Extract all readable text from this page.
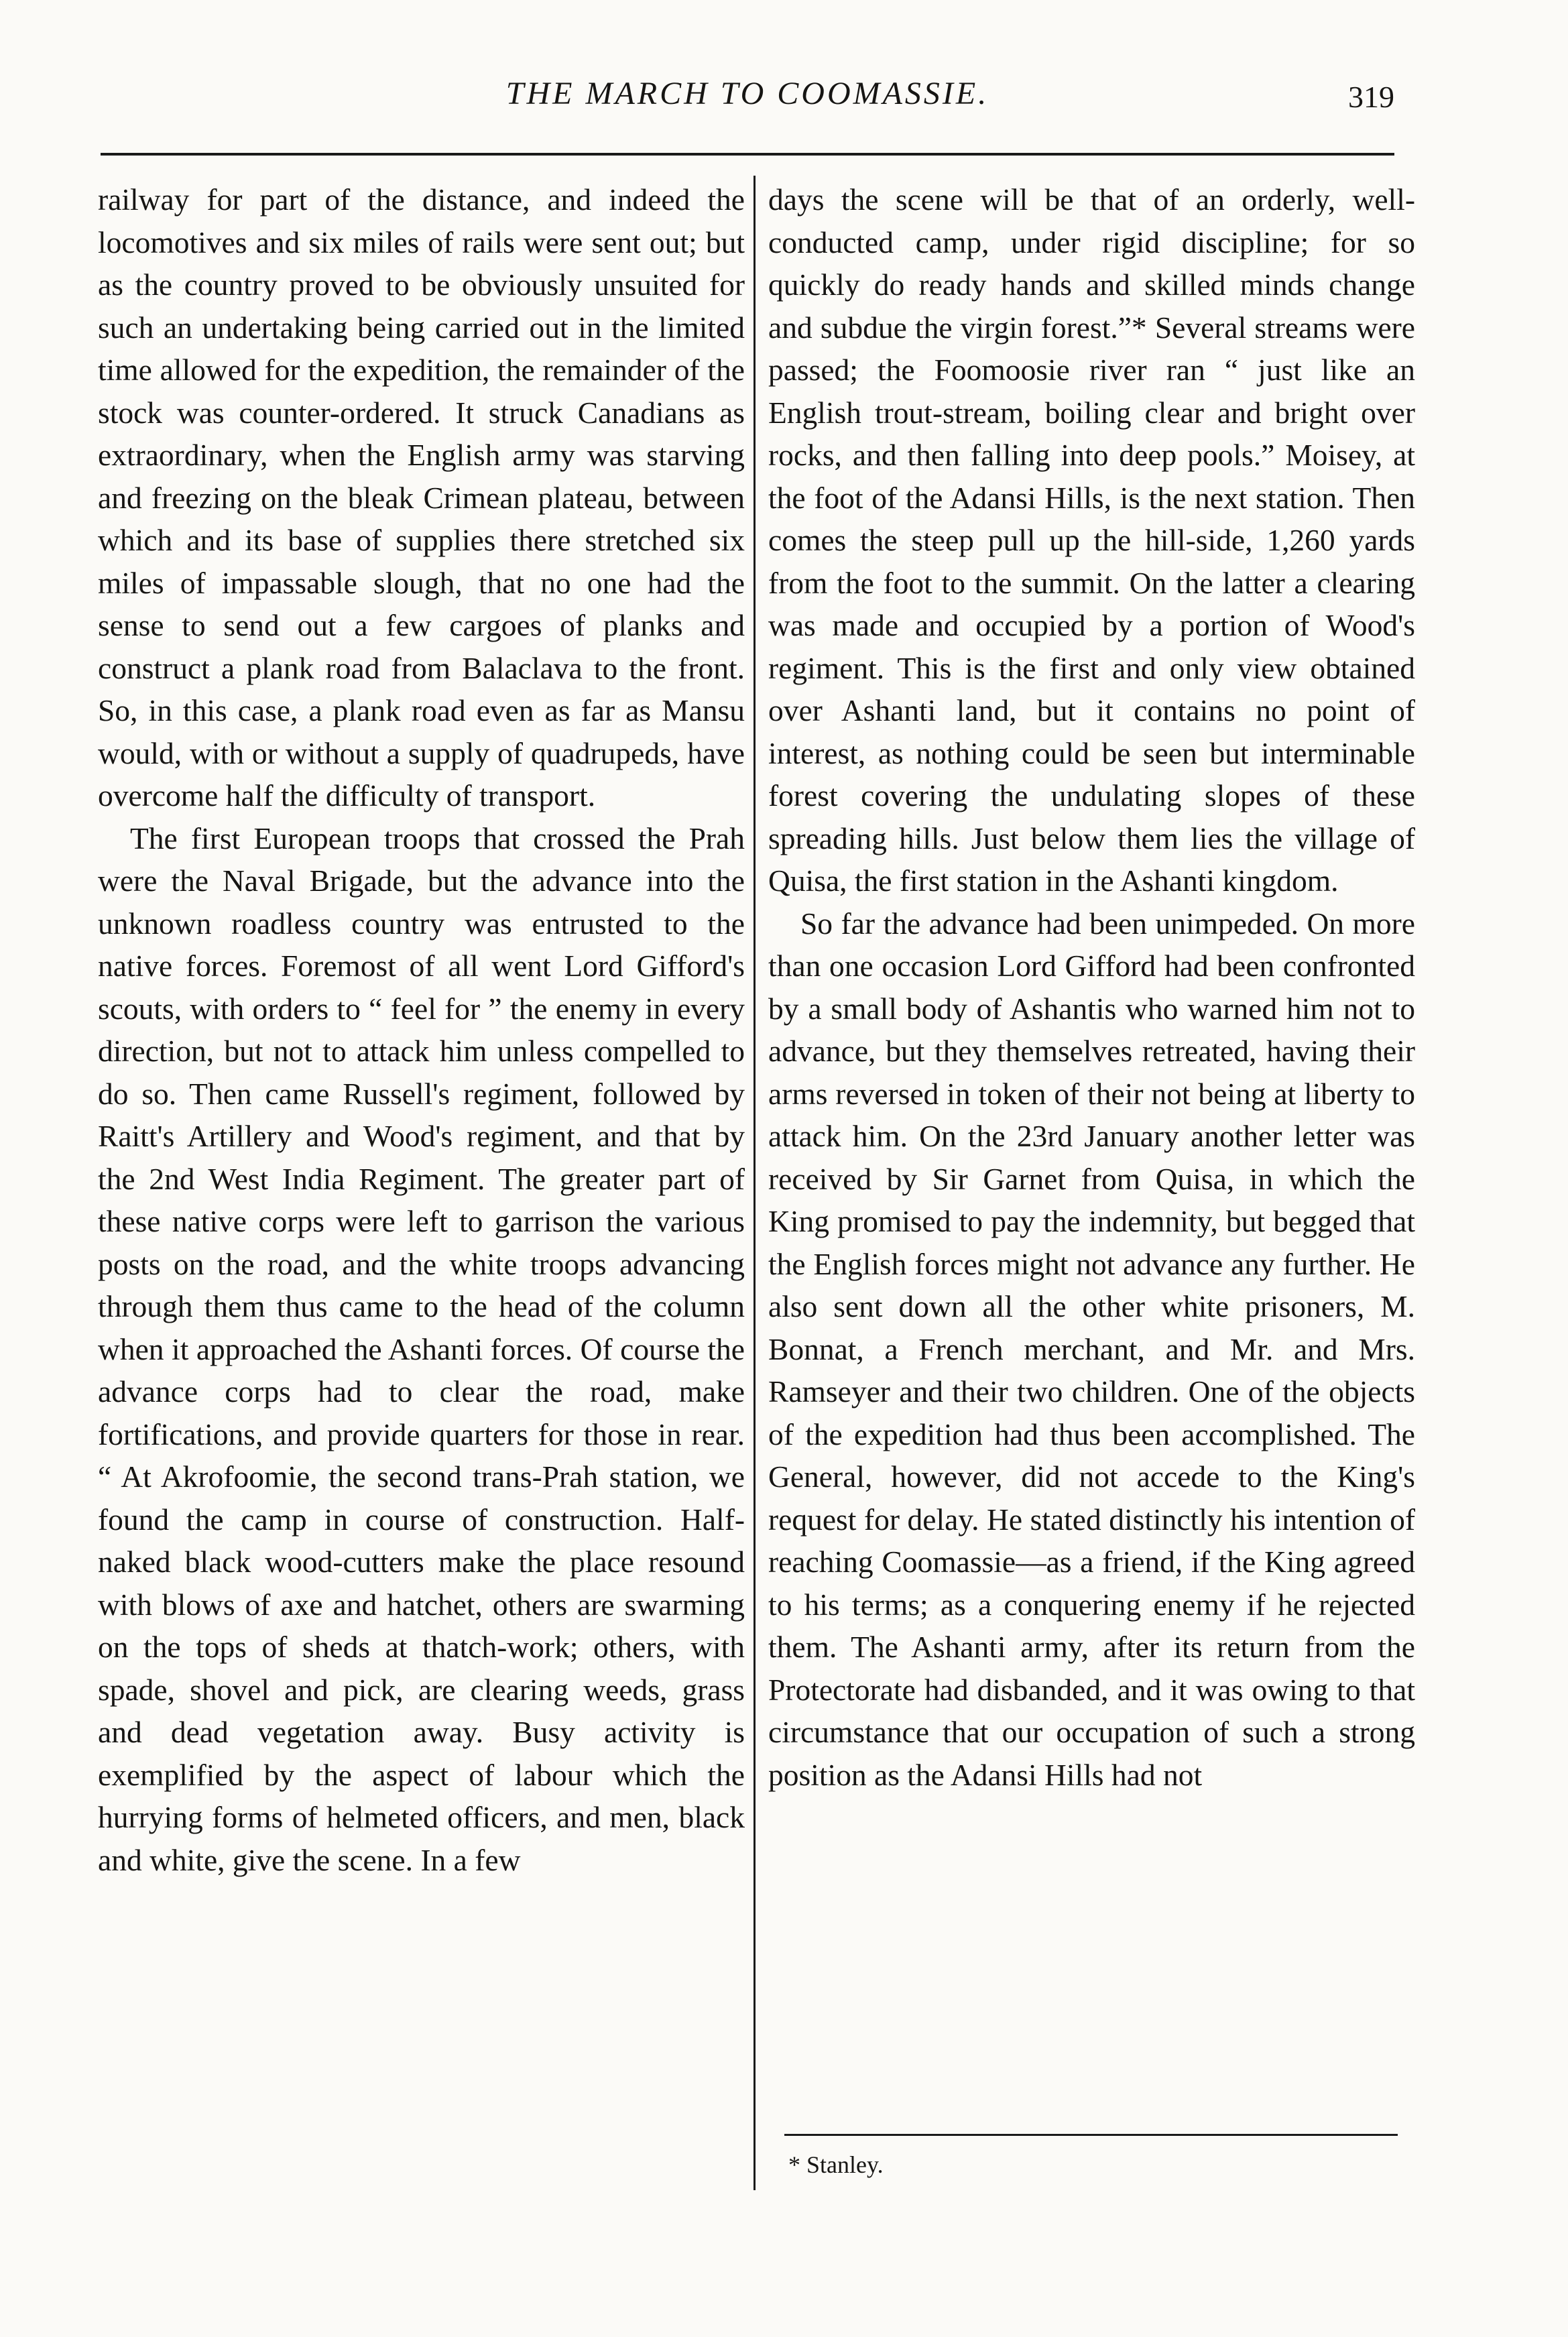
THE MARCH TO COOMASSIE.	319

railway for part of the distance, and indeed the locomotives and six miles of rails were sent out; but as the country proved to be obviously unsuited for such an undertaking being carried out in the limited time allowed for the expedition, the remainder of the stock was counter-ordered. It struck Canadians as extraordinary, when the English army was starving and freezing on the bleak Crimean plateau, between which and its base of supplies there stretched six miles of impassable slough, that no one had the sense to send out a few cargoes of planks and construct a plank road from Balaclava to the front. So, in this case, a plank road even as far as Mansu would, with or without a supply of quadrupeds, have overcome half the difficulty of transport.

The first European troops that crossed the Prah were the Naval Brigade, but the advance into the unknown roadless country was entrusted to the native forces. Foremost of all went Lord Gifford's scouts, with orders to “ feel for ” the enemy in every direction, but not to attack him unless compelled to do so. Then came Russell's regiment, followed by Raitt's Artillery and Wood's regiment, and that by the 2nd West India Regiment. The greater part of these native corps were left to garrison the various posts on the road, and the white troops advancing through them thus came to the head of the column when it approached the Ashanti forces. Of course the advance corps had to clear the road, make fortifications, and provide quarters for those in rear. “ At Akrofoomie, the second trans-Prah station, we found the camp in course of construction. Half-naked black wood-cutters make the place resound with blows of axe and hatchet, others are swarming on the tops of sheds at thatch-work; others, with spade, shovel and pick, are clearing weeds, grass and dead vegetation away. Busy activity is exemplified by the aspect of labour which the hurrying forms of helmeted officers, and men, black and white, give the scene. In a few

days the scene will be that of an orderly, well-conducted camp, under rigid discipline; for so quickly do ready hands and skilled minds change and subdue the virgin forest.”* Several streams were passed; the Foomoosie river ran “ just like an English trout-stream, boiling clear and bright over rocks, and then falling into deep pools.” Moisey, at the foot of the Adansi Hills, is the next station. Then comes the steep pull up the hill-side, 1,260 yards from the foot to the summit. On the latter a clearing was made and occupied by a portion of Wood's regiment. This is the first and only view obtained over Ashanti land, but it contains no point of interest, as nothing could be seen but interminable forest covering the undulating slopes of these spreading hills. Just below them lies the village of Quisa, the first station in the Ashanti kingdom.

So far the advance had been unimpeded. On more than one occasion Lord Gifford had been confronted by a small body of Ashantis who warned him not to advance, but they themselves retreated, having their arms reversed in token of their not being at liberty to attack him. On the 23rd January another letter was received by Sir Garnet from Quisa, in which the King promised to pay the indemnity, but begged that the English forces might not advance any further. He also sent down all the other white prisoners, M. Bonnat, a French merchant, and Mr. and Mrs. Ramseyer and their two children. One of the objects of the expedition had thus been accomplished. The General, however, did not accede to the King's request for delay. He stated distinctly his intention of reaching Coomassie—as a friend, if the King agreed to his terms; as a conquering enemy if he rejected them. The Ashanti army, after its return from the Protectorate had disbanded, and it was owing to that circumstance that our occupation of such a strong position as the Adansi Hills had not

* Stanley.
